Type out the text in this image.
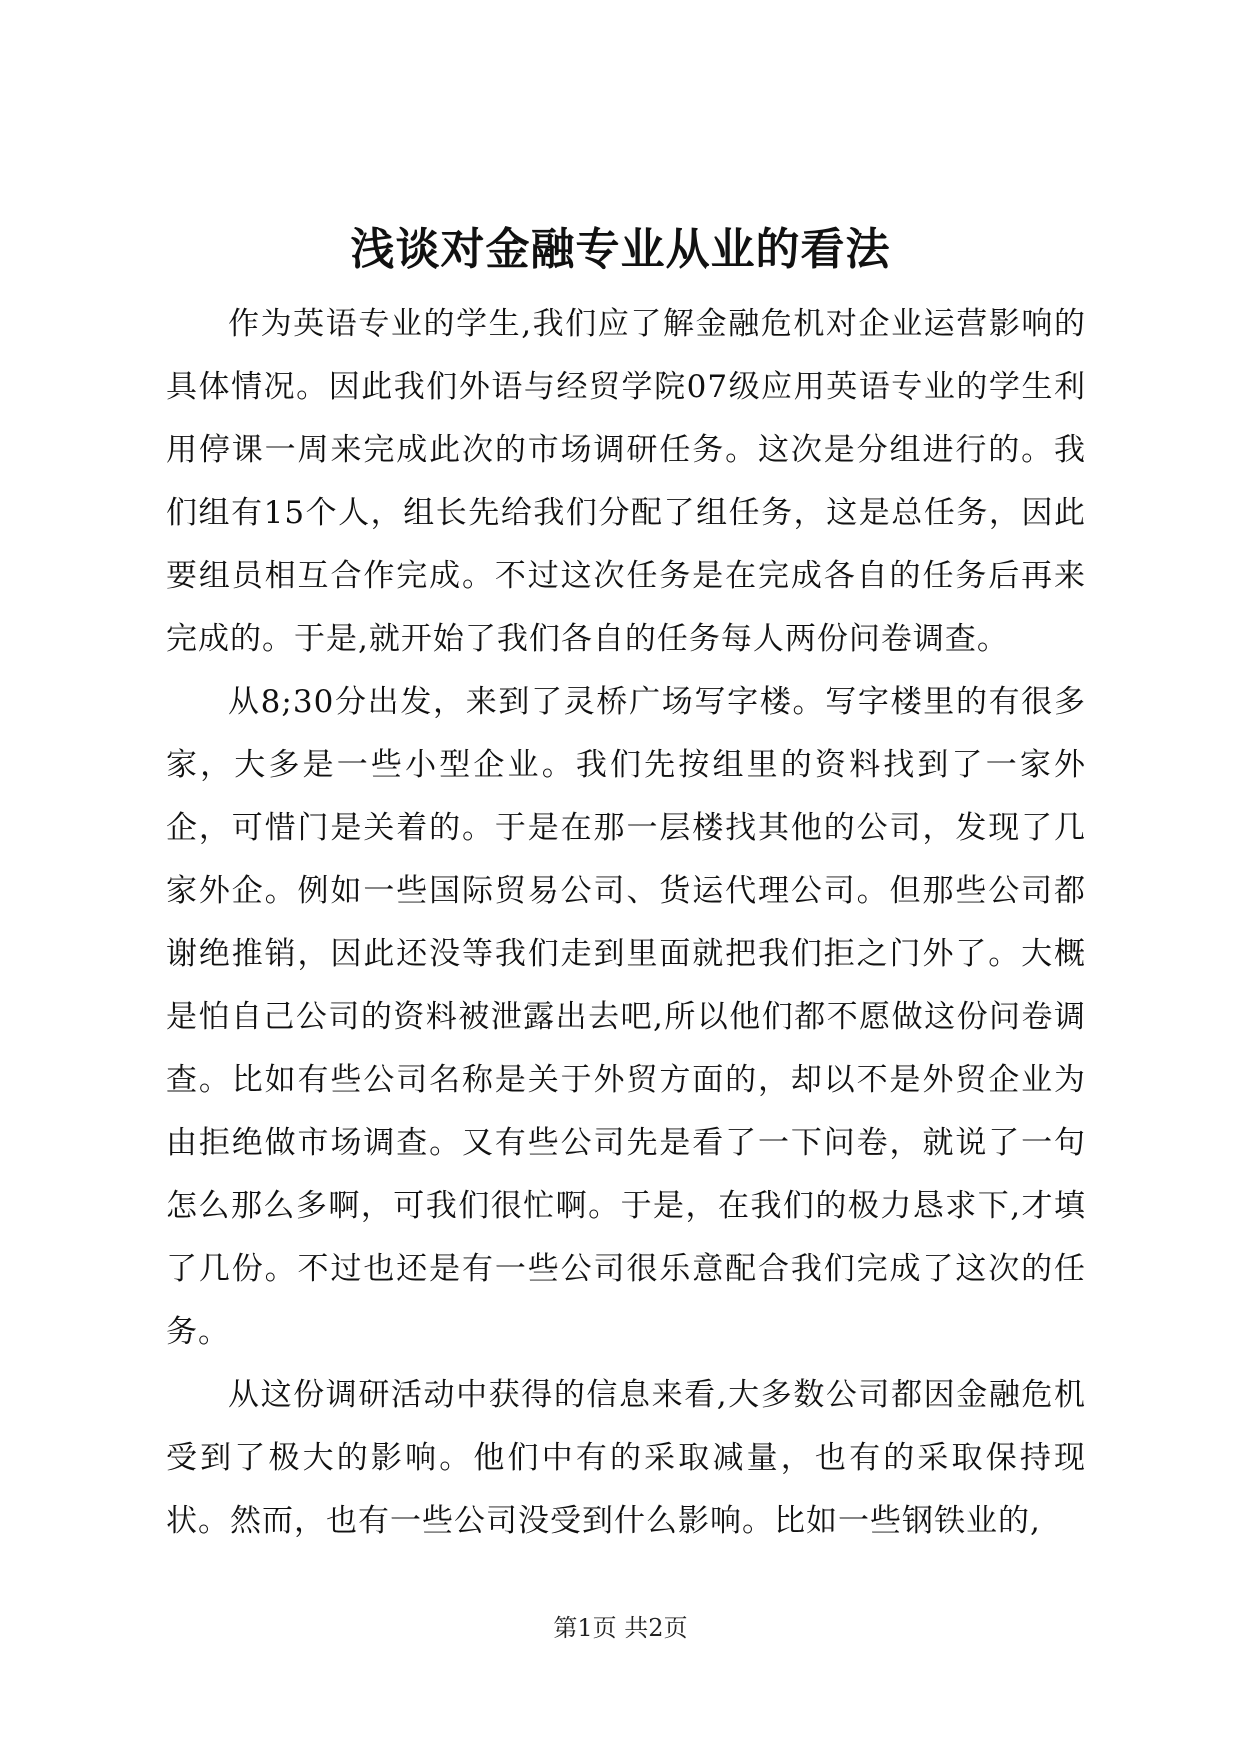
浅谈对金融专业从业的看法

作为英语专业的学生,我们应了解金融危机对企业运营影响的具体情况。因此我们外语与经贸学院07级应用英语专业的学生利用停课一周来完成此次的市场调研任务。这次是分组进行的。我们组有15个人，组长先给我们分配了组任务，这是总任务，因此要组员相互合作完成。不过这次任务是在完成各自的任务后再来完成的。于是,就开始了我们各自的任务每人两份问卷调查。

从8;30分出发，来到了灵桥广场写字楼。写字楼里的有很多家，大多是一些小型企业。我们先按组里的资料找到了一家外企，可惜门是关着的。于是在那一层楼找其他的公司，发现了几家外企。例如一些国际贸易公司、货运代理公司。但那些公司都谢绝推销，因此还没等我们走到里面就把我们拒之门外了。大概是怕自己公司的资料被泄露出去吧,所以他们都不愿做这份问卷调查。比如有些公司名称是关于外贸方面的，却以不是外贸企业为由拒绝做市场调查。又有些公司先是看了一下问卷，就说了一句怎么那么多啊，可我们很忙啊。于是，在我们的极力恳求下,才填了几份。不过也还是有一些公司很乐意配合我们完成了这次的任务。

从这份调研活动中获得的信息来看,大多数公司都因金融危机受到了极大的影响。他们中有的采取减量，也有的采取保持现状。然而，也有一些公司没受到什么影响。比如一些钢铁业的,

第1页 共2页
